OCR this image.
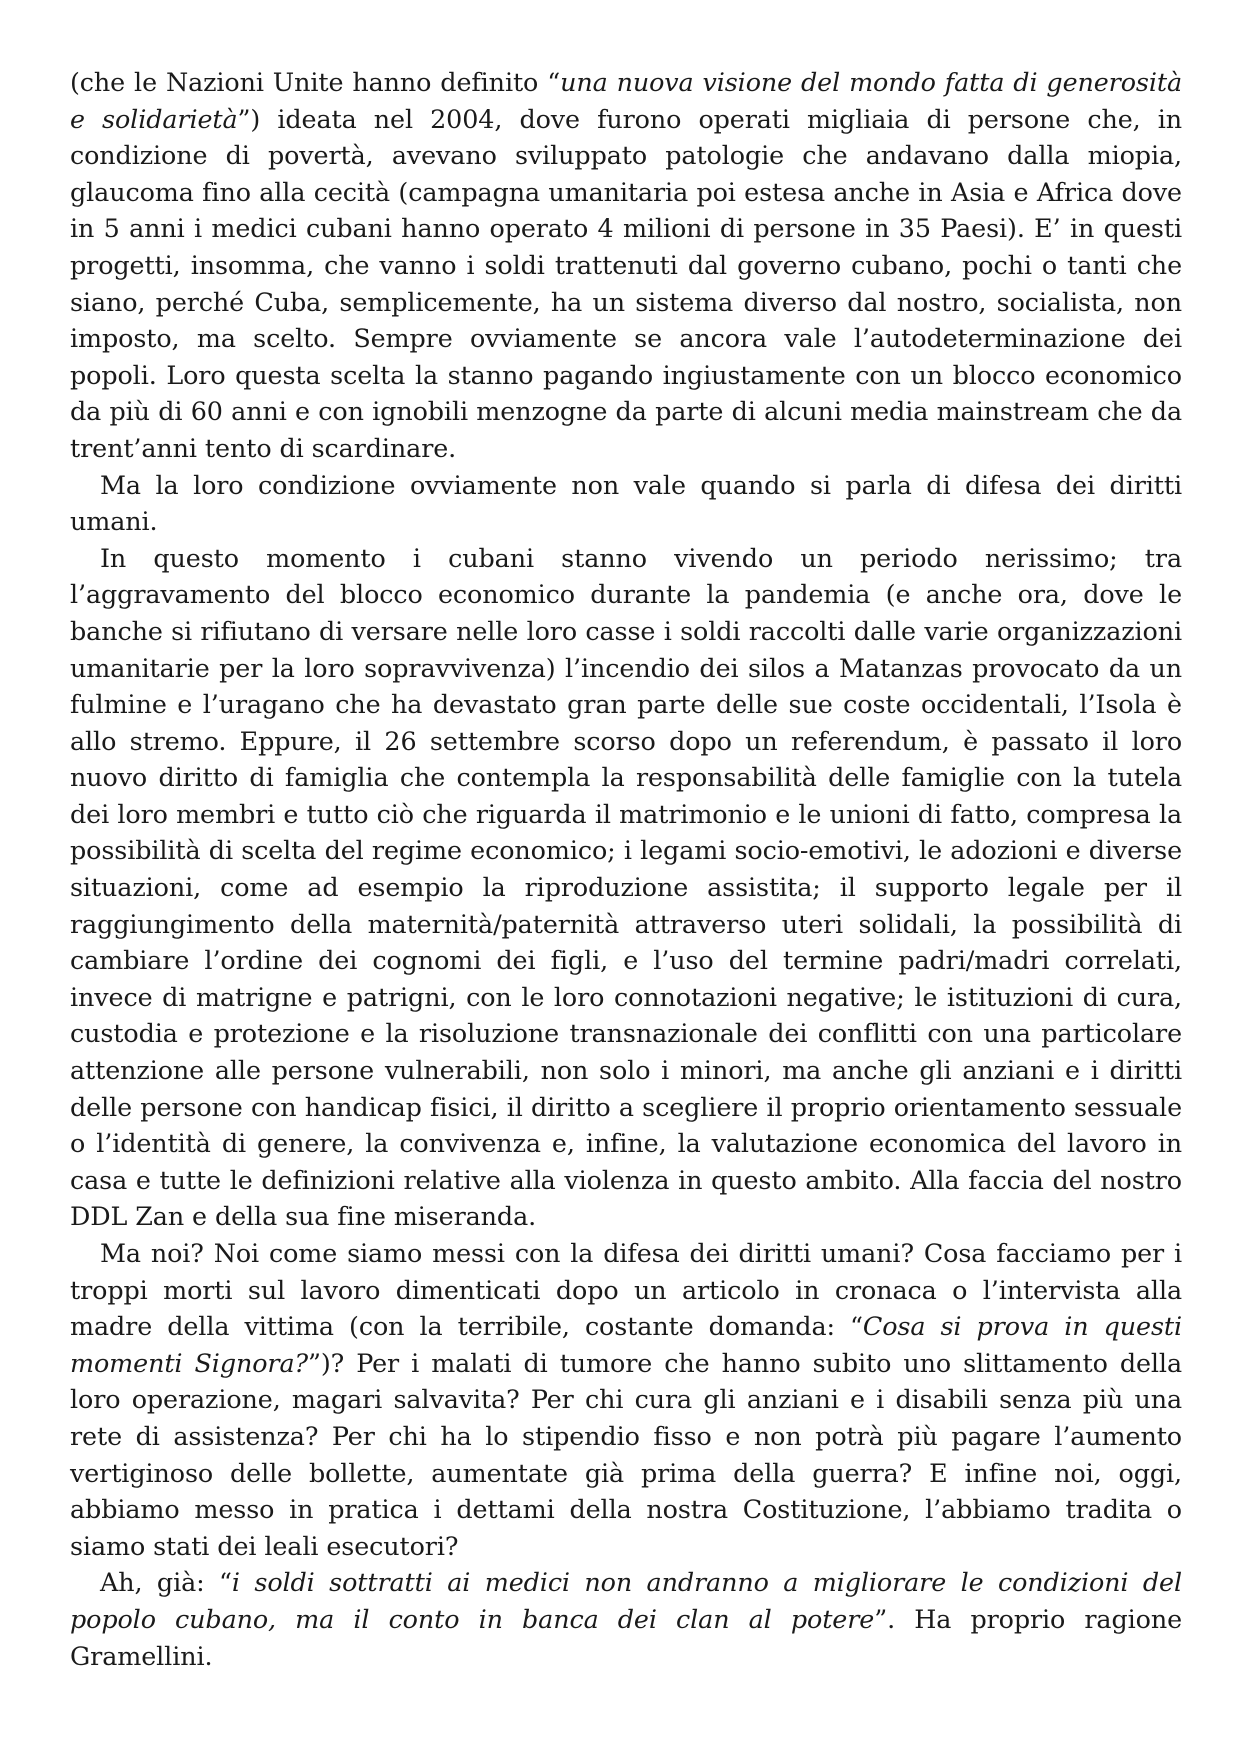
(che le Nazioni Unite hanno definito “una nuova visione del mondo fatta di generosità e solidarietà”) ideata nel 2004, dove furono operati migliaia di persone che, in condizione di povertà, avevano sviluppato patologie che andavano dalla miopia, glaucoma fino alla cecità (campagna umanitaria poi estesa anche in Asia e Africa dove in 5 anni i medici cubani hanno operato 4 milioni di persone in 35 Paesi). E’ in questi progetti, insomma, che vanno i soldi trattenuti dal governo cubano, pochi o tanti che siano, perché Cuba, semplicemente, ha un sistema diverso dal nostro, socialista, non imposto, ma scelto. Sempre ovviamente se ancora vale l’autodeterminazione dei popoli. Loro questa scelta la stanno pagando ingiustamente con un blocco economico da più di 60 anni e con ignobili menzogne da parte di alcuni media mainstream che da trent’anni tento di scardinare.

Ma la loro condizione ovviamente non vale quando si parla di difesa dei diritti umani.

In questo momento i cubani stanno vivendo un periodo nerissimo; tra l’aggravamento del blocco economico durante la pandemia (e anche ora, dove le banche si rifiutano di versare nelle loro casse i soldi raccolti dalle varie organizzazioni umanitarie per la loro sopravvivenza) l’incendio dei silos a Matanzas provocato da un fulmine e l’uragano che ha devastato gran parte delle sue coste occidentali, l’Isola è allo stremo. Eppure, il 26 settembre scorso dopo un referendum, è passato il loro nuovo diritto di famiglia che contempla la responsabilità delle famiglie con la tutela dei loro membri e tutto ciò che riguarda il matrimonio e le unioni di fatto, compresa la possibilità di scelta del regime economico; i legami socio-emotivi, le adozioni e diverse situazioni, come ad esempio la riproduzione assistita; il supporto legale per il raggiungimento della maternità/paternità attraverso uteri solidali, la possibilità di cambiare l’ordine dei cognomi dei figli, e l’uso del termine padri/madri correlati, invece di matrigne e patrigni, con le loro connotazioni negative; le istituzioni di cura, custodia e protezione e la risoluzione transnazionale dei conflitti con una particolare attenzione alle persone vulnerabili, non solo i minori, ma anche gli anziani e i diritti delle persone con handicap fisici, il diritto a scegliere il proprio orientamento sessuale o l’identità di genere, la convivenza e, infine, la valutazione economica del lavoro in casa e tutte le definizioni relative alla violenza in questo ambito. Alla faccia del nostro DDL Zan e della sua fine miseranda.

Ma noi? Noi come siamo messi con la difesa dei diritti umani? Cosa facciamo per i troppi morti sul lavoro dimenticati dopo un articolo in cronaca o l’intervista alla madre della vittima (con la terribile, costante domanda: “Cosa si prova in questi momenti Signora?”)? Per i malati di tumore che hanno subito uno slittamento della loro operazione, magari salvavita? Per chi cura gli anziani e i disabili senza più una rete di assistenza? Per chi ha lo stipendio fisso e non potrà più pagare l’aumento vertiginoso delle bollette, aumentate già prima della guerra? E infine noi, oggi, abbiamo messo in pratica i dettami della nostra Costituzione, l’abbiamo tradita o siamo stati dei leali esecutori?

Ah, già: “i soldi sottratti ai medici non andranno a migliorare le condizioni del popolo cubano, ma il conto in banca dei clan al potere”. Ha proprio ragione Gramellini.
